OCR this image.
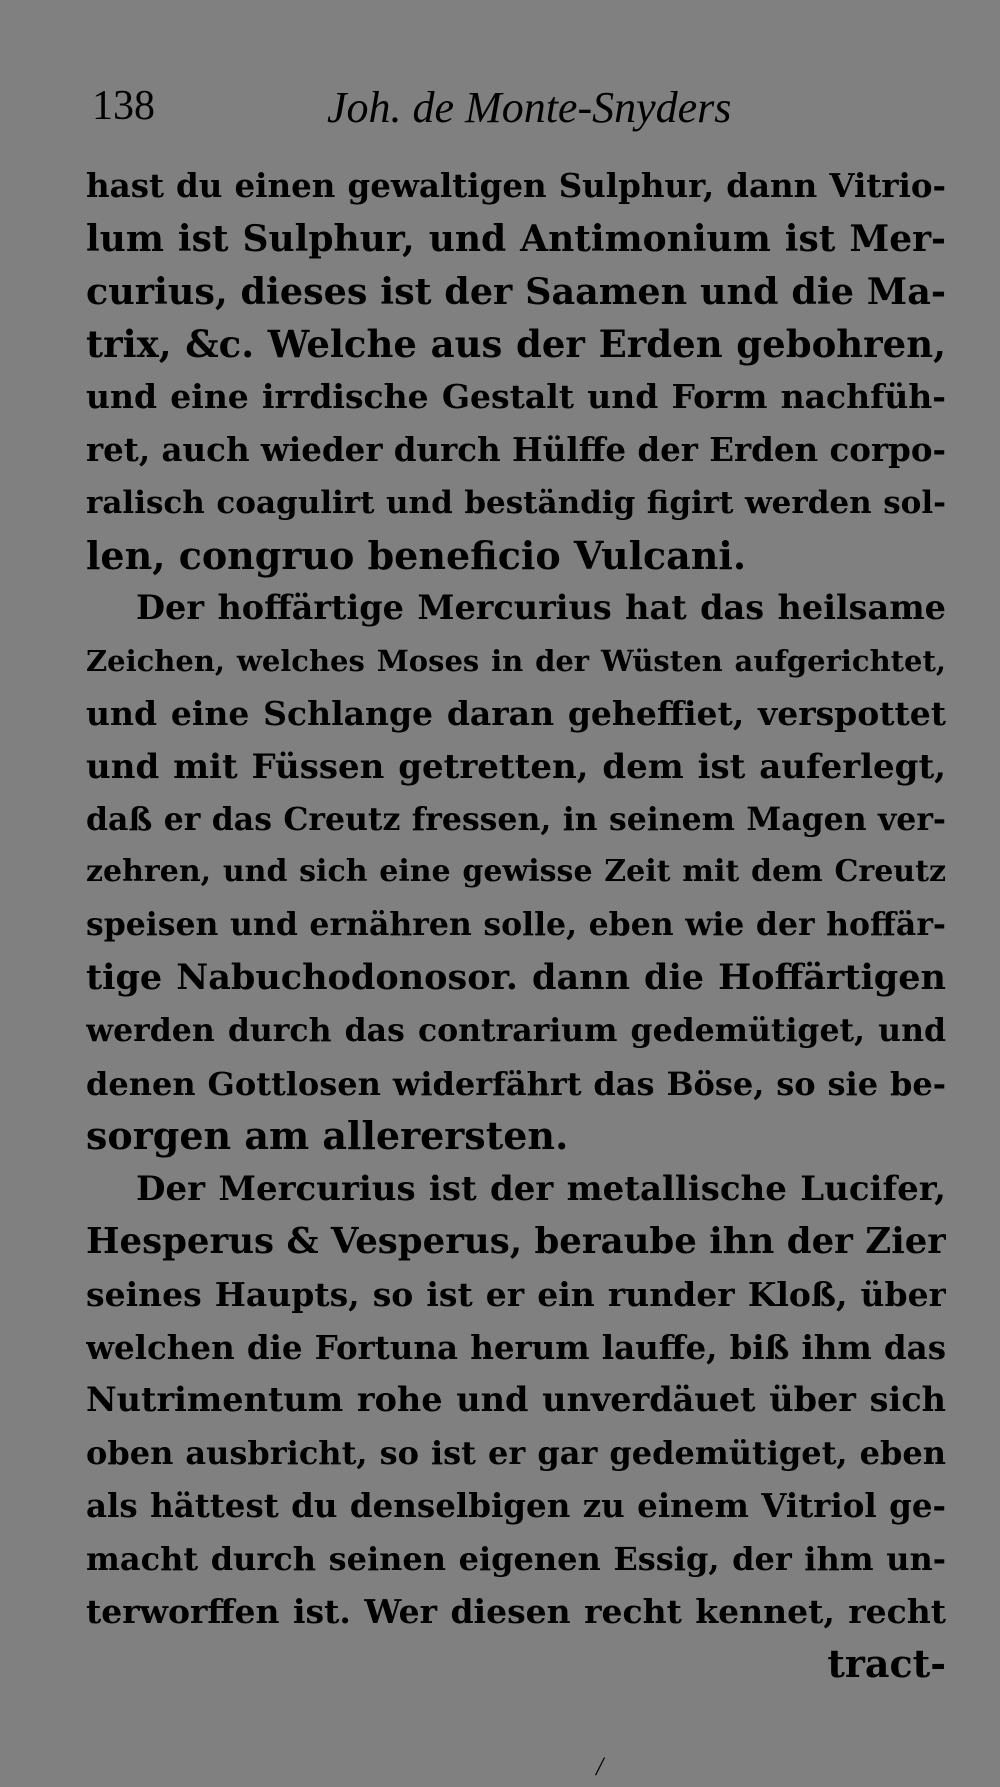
138	Joh. de Monte-Snyders
hast du einen gewaltigen Sulphur, dann Vitrio-
lum ist Sulphur, und Antimonium ist Mer-
curius, dieses ist der Saamen und die Ma-
trix, &c. Welche aus der Erden gebohren,
und eine irrdische Gestalt und Form nachfüh-
ret, auch wieder durch Hülffe der Erden corpo-
ralisch coagulirt und beständig figirt werden sol-
len, congruo beneficio Vulcani.
Der hoffärtige Mercurius hat das heilsame
Zeichen, welches Moses in der Wüsten aufgerichtet,
und eine Schlange daran geheffiet, verspottet
und mit Füssen getretten, dem ist auferlegt,
daß er das Creutz fressen, in seinem Magen ver-
zehren, und sich eine gewisse Zeit mit dem Creutz
speisen und ernähren solle, eben wie der hoffär-
tige Nabuchodonosor. dann die Hoffärtigen
werden durch das contrarium gedemütiget, und
denen Gottlosen widerfährt das Böse, so sie be-
sorgen am allerersten.
Der Mercurius ist der metallische Lucifer,
Hesperus & Vesperus, beraube ihn der Zier
seines Haupts, so ist er ein runder Kloß, über
welchen die Fortuna herum lauffe, biß ihm das
Nutrimentum rohe und unverdäuet über sich
oben ausbricht, so ist er gar gedemütiget, eben
als hättest du denselbigen zu einem Vitriol ge-
macht durch seinen eigenen Essig, der ihm un-
terworffen ist. Wer diesen recht kennet, recht
tract-
/
